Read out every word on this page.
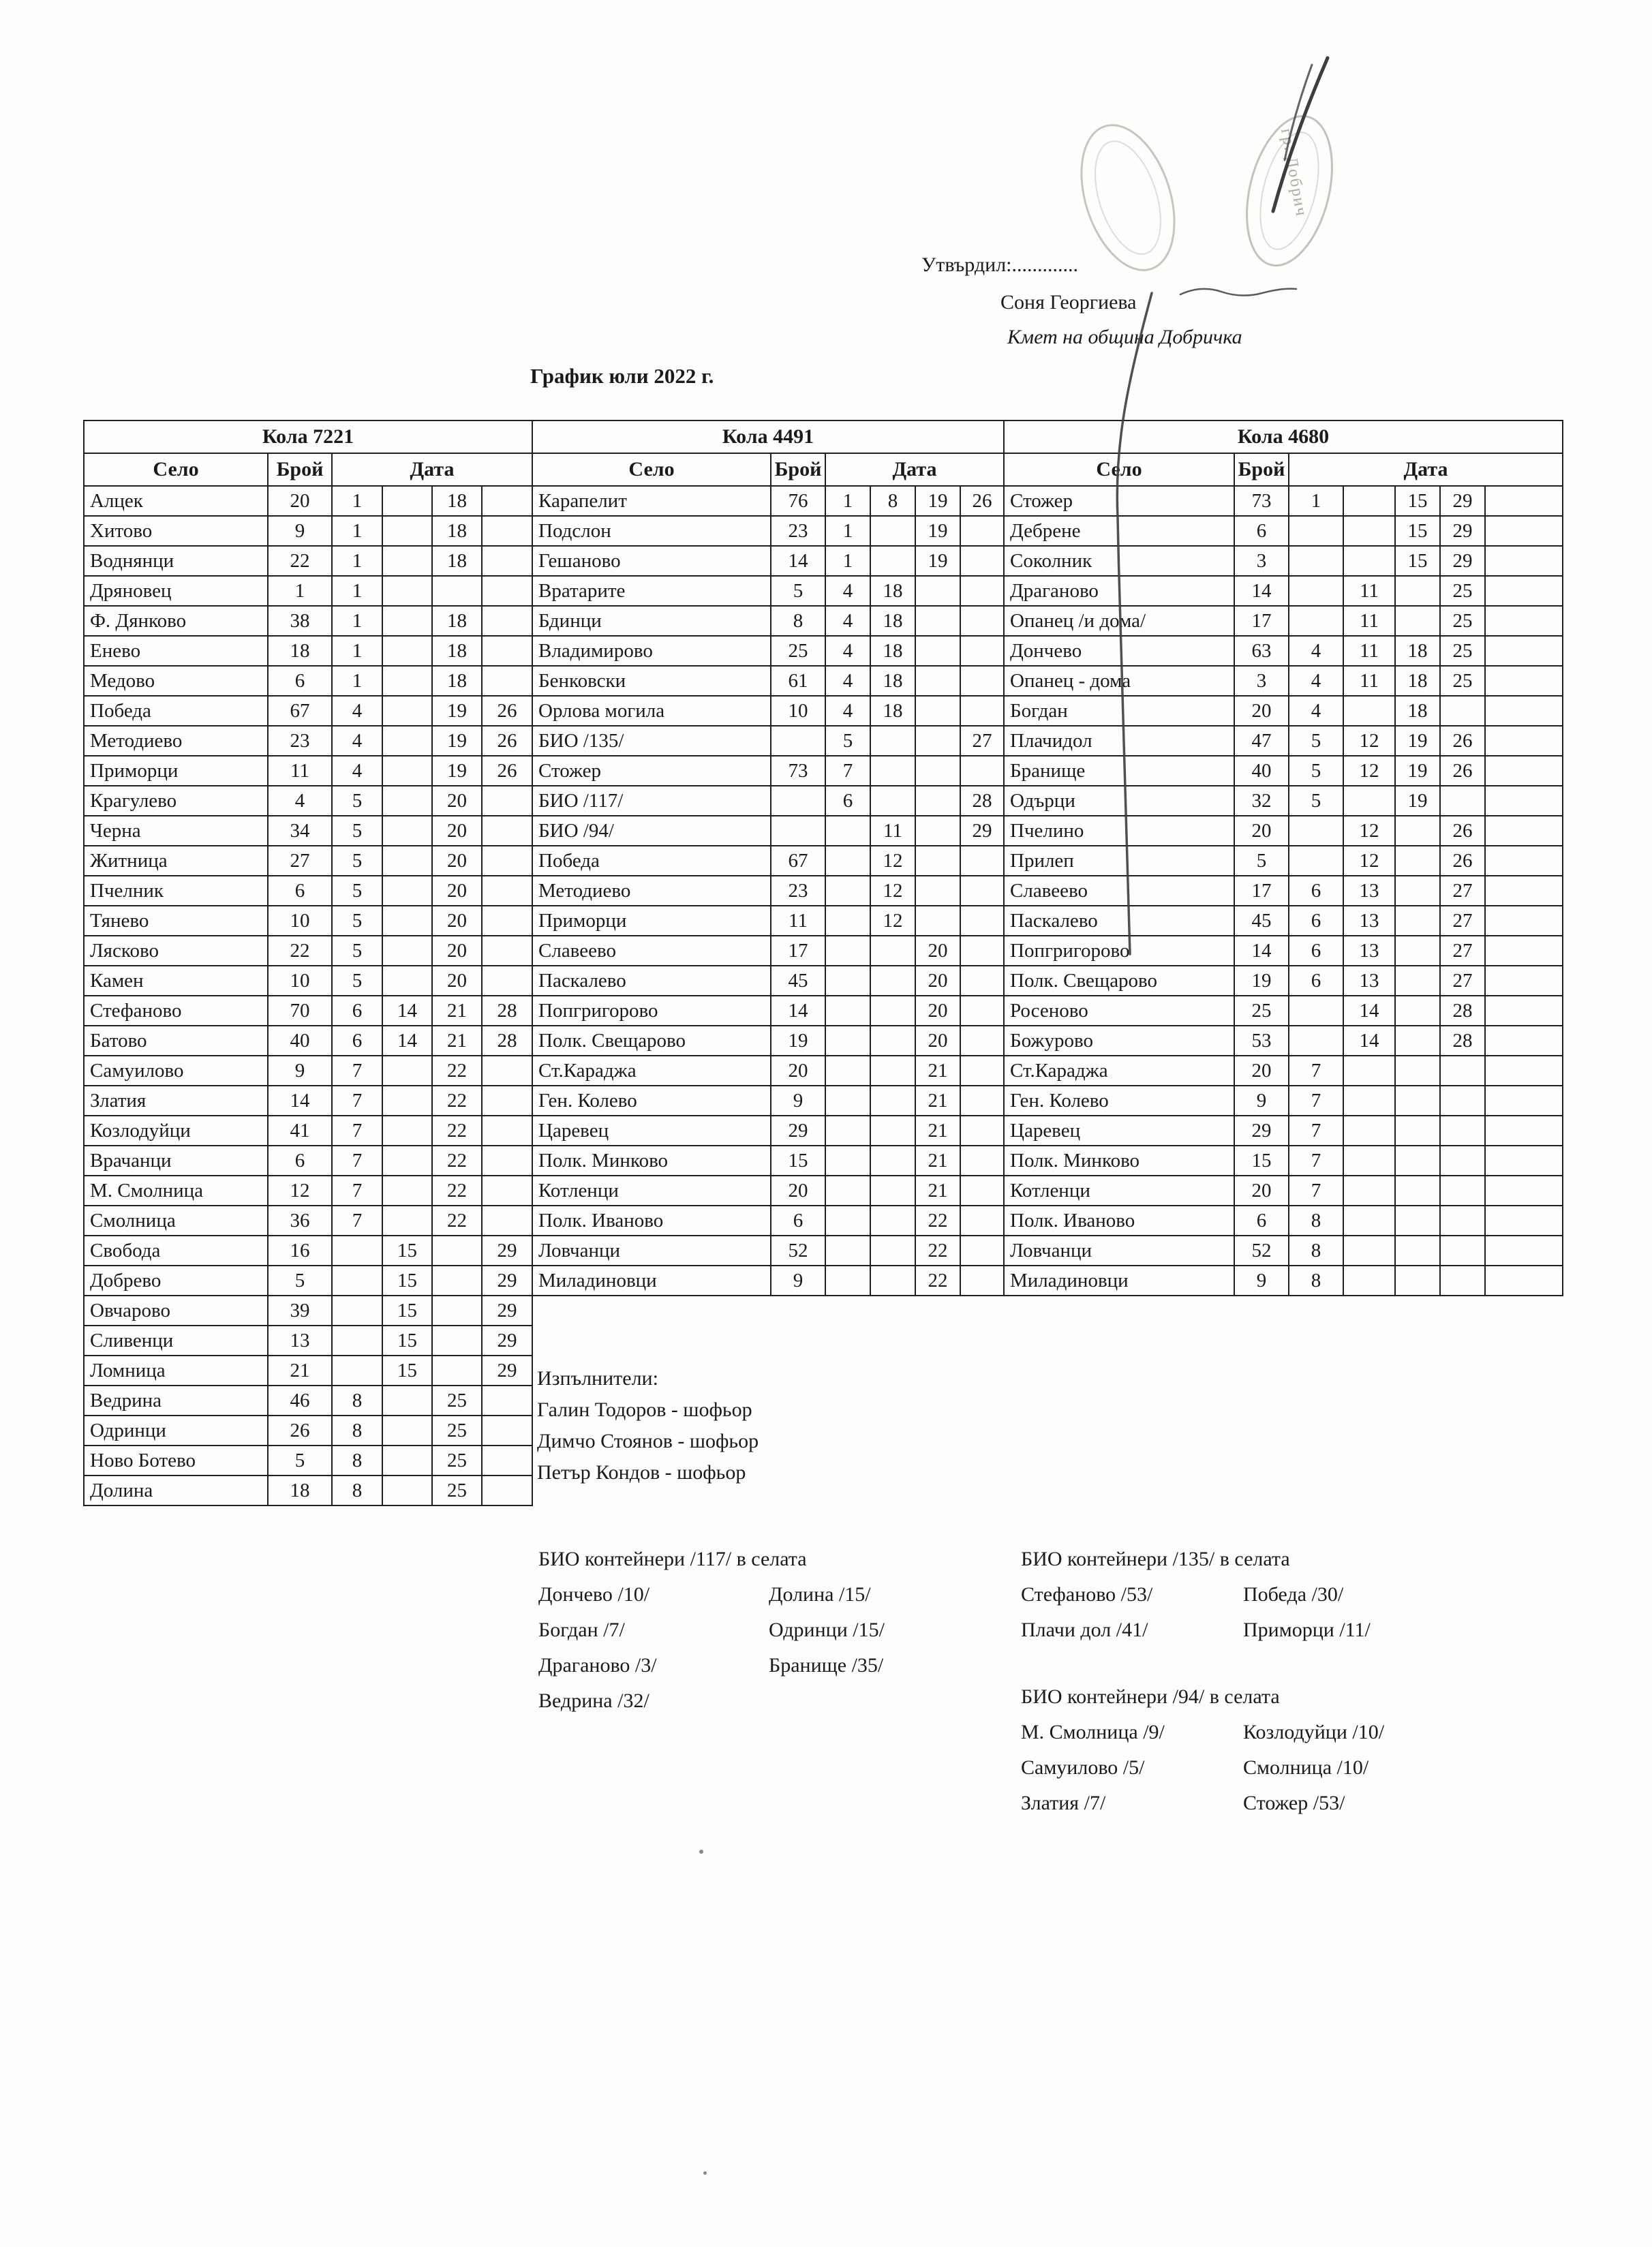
Утвърдил:.............
Соня Георгиева
Кмет на община Добричка
График юли 2022 г.
Кола 7221					
Село	Брой	Дата			
Алцек	20	1		18	
Хитово	9	1		18	
Воднянци	22	1		18	
Дряновец	1	1			
Ф. Дянково	38	1		18	
Енево	18	1		18	
Медово	6	1		18	
Победа	67	4		19	26
Методиево	23	4		19	26
Приморци	11	4		19	26
Крагулево	4	5		20	
Черна	34	5		20	
Житница	27	5		20	
Пчелник	6	5		20	
Тянево	10	5		20	
Лясково	22	5		20	
Камен	10	5		20	
Стефаново	70	6	14	21	28
Батово	40	6	14	21	28
Самуилово	9	7		22	
Златия	14	7		22	
Козлодуйци	41	7		22	
Врачанци	6	7		22	
М. Смолница	12	7		22	
Смолница	36	7		22	
Свобода	16		15		29
Добрево	5		15		29
Овчарово	39		15		29
Сливенци	13		15		29
Ломница	21		15		29
Ведрина	46	8		25	
Одринци	26	8		25	
Ново Ботево	5	8		25	
Долина	18	8		25	
Кола 4491					
Село	Брой	Дата			
Карапелит	76	1	8	19	26
Подслон	23	1		19	
Гешаново	14	1		19	
Вратарите	5	4	18		
Бдинци	8	4	18		
Владимирово	25	4	18		
Бенковски	61	4	18		
Орлова могила	10	4	18		
БИО /135/		5			27
Стожер	73	7			
БИО /117/		6			28
БИО /94/			11		29
Победа	67		12		
Методиево	23		12		
Приморци	11		12		
Славеево	17			20	
Паскалево	45			20	
Попгригорово	14			20	
Полк. Свещарово	19			20	
Ст.Караджа	20			21	
Ген. Колево	9			21	
Царевец	29			21	
Полк. Минково	15			21	
Котленци	20			21	
Полк. Иваново	6			22	
Ловчанци	52			22	
Миладиновци	9			22	
Кола 4680						
Село	Брой	Дата				
Стожер	73	1		15	29	
Дебрене	6			15	29	
Соколник	3			15	29	
Драганово	14		11		25	
Опанец /и дома/	17		11		25	
Дончево	63	4	11	18	25	
Опанец - дома	3	4	11	18	25	
Богдан	20	4		18		
Плачидол	47	5	12	19	26	
Бранище	40	5	12	19	26	
Одърци	32	5		19		
Пчелино	20		12		26	
Прилеп	5		12		26	
Славеево	17	6	13		27	
Паскалево	45	6	13		27	
Попгригорово	14	6	13		27	
Полк. Свещарово	19	6	13		27	
Росеново	25		14		28	
Божурово	53		14		28	
Ст.Караджа	20	7				
Ген. Колево	9	7				
Царевец	29	7				
Полк. Минково	15	7				
Котленци	20	7				
Полк. Иваново	6	8				
Ловчанци	52	8				
Миладиновци	9	8				
Изпълнители:
Галин Тодоров - шофьор
Димчо Стоянов - шофьор
Петър Кондов - шофьор
БИО контейнери /117/ в селата
Дончево /10/
Богдан /7/
Драганово /3/
Ведрина /32/
Долина /15/
Одринци /15/
Бранище /35/
БИО контейнери /135/ в селата
Стефаново /53/
Плачи дол /41/
Победа /30/
Приморци /11/
БИО контейнери /94/ в селата
М. Смолница /9/
Самуилово /5/
Златия /7/
Козлодуйци /10/
Смолница /10/
Стожер /53/
гр. Добрич
